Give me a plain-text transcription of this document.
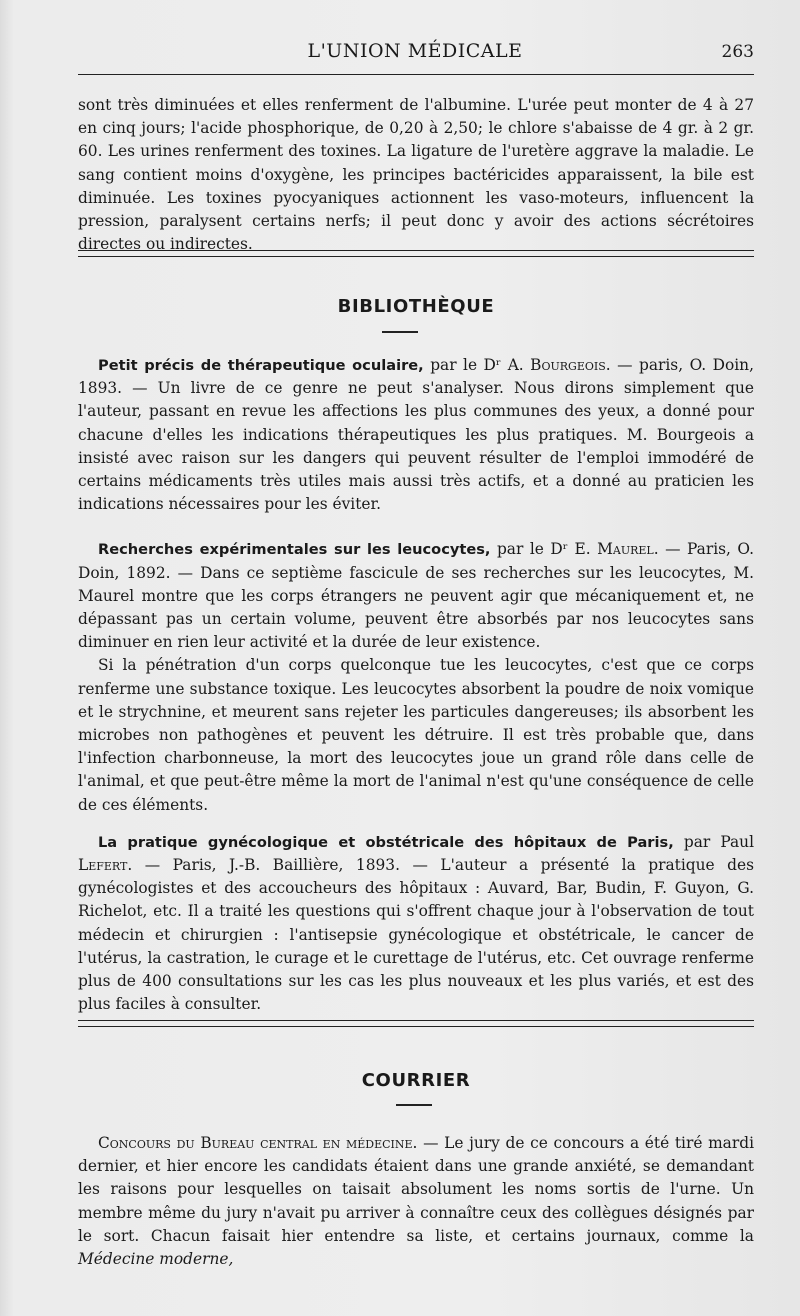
L'UNION MÉDICALE	263

sont très diminuées et elles renferment de l'albumine. L'urée peut monter de 4 à 27 en cinq jours; l'acide phosphorique, de 0,20 à 2,50; le chlore s'abaisse de 4 gr. à 2 gr. 60. Les urines renferment des toxines. La ligature de l'uretère aggrave la maladie. Le sang contient moins d'oxygène, les principes bactéricides apparaissent, la bile est diminuée. Les toxines pyocyaniques actionnent les vaso-moteurs, influencent la pression, paralysent certains nerfs; il peut donc y avoir des actions sécrétoires directes ou indirectes.

BIBLIOTHÈQUE

Petit précis de thérapeutique oculaire, par le Dʳ A. Bourgeois. — paris, O. Doin, 1893. — Un livre de ce genre ne peut s'analyser. Nous dirons simplement que l'auteur, passant en revue les affections les plus communes des yeux, a donné pour chacune d'elles les indications thérapeutiques les plus pratiques. M. Bourgeois a insisté avec raison sur les dangers qui peuvent résulter de l'emploi immodéré de certains médicaments très utiles mais aussi très actifs, et a donné au praticien les indications nécessaires pour les éviter.

Recherches expérimentales sur les leucocytes, par le Dʳ E. Maurel. — Paris, O. Doin, 1892. — Dans ce septième fascicule de ses recherches sur les leucocytes, M. Maurel montre que les corps étrangers ne peuvent agir que mécaniquement et, ne dépassant pas un certain volume, peuvent être absorbés par nos leucocytes sans diminuer en rien leur activité et la durée de leur existence.

Si la pénétration d'un corps quelconque tue les leucocytes, c'est que ce corps renferme une substance toxique. Les leucocytes absorbent la poudre de noix vomique et le strychnine, et meurent sans rejeter les particules dangereuses; ils absorbent les microbes non pathogènes et peuvent les détruire. Il est très probable que, dans l'infection charbonneuse, la mort des leucocytes joue un grand rôle dans celle de l'animal, et que peut-être même la mort de l'animal n'est qu'une conséquence de celle de ces éléments.

La pratique gynécologique et obstétricale des hôpitaux de Paris, par Paul Lefert. — Paris, J.-B. Baillière, 1893. — L'auteur a présenté la pratique des gynécologistes et des accoucheurs des hôpitaux : Auvard, Bar, Budin, F. Guyon, G. Richelot, etc. Il a traité les questions qui s'offrent chaque jour à l'observation de tout médecin et chirurgien : l'antisepsie gynécologique et obstétricale, le cancer de l'utérus, la castration, le curage et le curettage de l'utérus, etc. Cet ouvrage renferme plus de 400 consultations sur les cas les plus nouveaux et les plus variés, et est des plus faciles à consulter.

COURRIER

Concours du Bureau central en médecine. — Le jury de ce concours a été tiré mardi dernier, et hier encore les candidats étaient dans une grande anxiété, se demandant les raisons pour lesquelles on taisait absolument les noms sortis de l'urne. Un membre même du jury n'avait pu arriver à connaître ceux des collègues désignés par le sort. Chacun faisait hier entendre sa liste, et certains journaux, comme la Médecine moderne,
